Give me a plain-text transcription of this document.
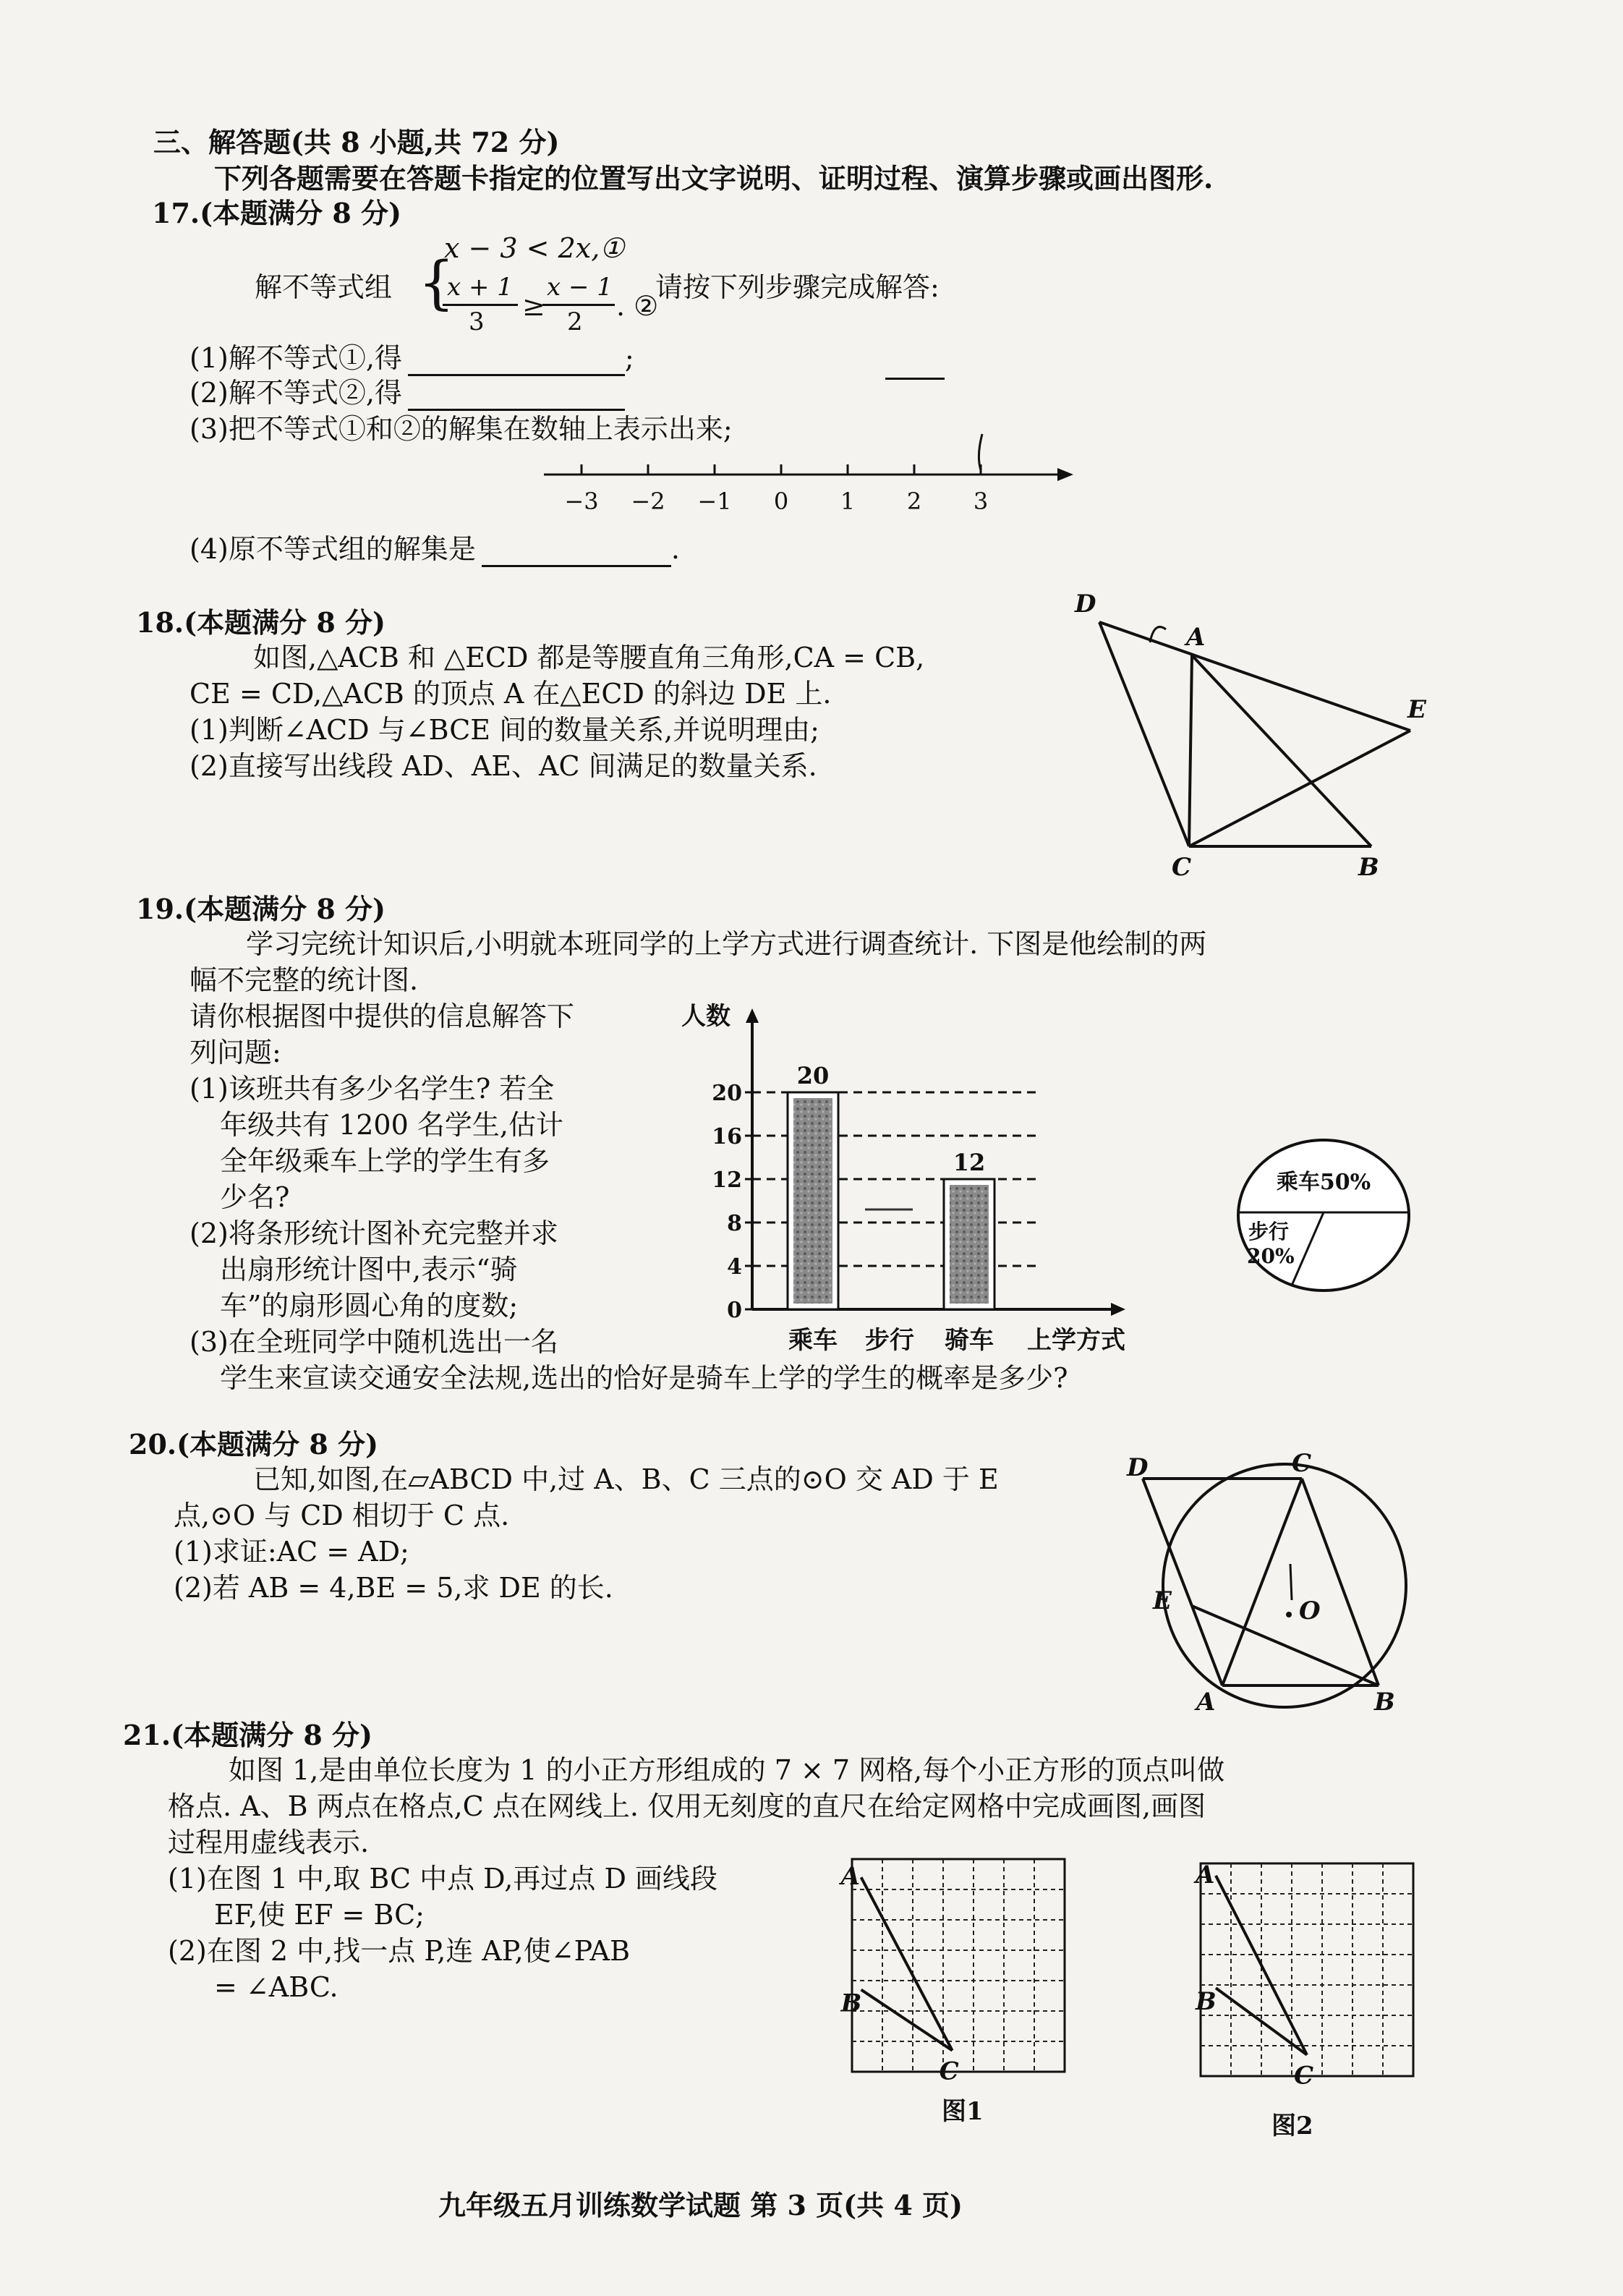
三、解答题(共 8 小题,共 72 分)
下列各题需要在答题卡指定的位置写出文字说明、证明过程、演算步骤或画出图形.
17.(本题满分 8 分)
解不等式组 {
x − 3 < 2x,①
x + 1
3 ≥
x − 1
2 . ②
请按下列步骤完成解答:
(1)解不等式①,得	;
(2)解不等式②,得
(3)把不等式①和②的解集在数轴上表示出来;
−3 −2 −1 0 1 2 3
(4)原不等式组的解集是	.
18.(本题满分 8 分)
如图,△ACB 和 △ECD 都是等腰直角三角形,CA = CB,
CE = CD,△ACB 的顶点 A 在△ECD 的斜边 DE 上.
(1)判断∠ACD 与∠BCE 间的数量关系,并说明理由;
(2)直接写出线段 AD、AE、AC 间满足的数量关系.
D
A
E
C	B
19.(本题满分 8 分)
学习完统计知识后,小明就本班同学的上学方式进行调查统计. 下图是他绘制的两
幅不完整的统计图.
请你根据图中提供的信息解答下
列问题:
(1)该班共有多少名学生? 若全
年级共有 1200 名学生,估计
全年级乘车上学的学生有多
少名?
(2)将条形统计图补充完整并求
出扇形统计图中,表示“骑
车”的扇形圆心角的度数;
(3)在全班同学中随机选出一名
学生来宣读交通安全法规,选出的恰好是骑车上学的学生的概率是多少?
人数
0
4
8
12
16
20
20
乘车 步行
12
骑车 上学方式
乘车50%
步行
20%
20.(本题满分 8 分)
已知,如图,在▱ABCD 中,过 A、B、C 三点的⊙O 交 AD 于 E
点,⊙O 与 CD 相切于 C 点.
(1)求证:AC = AD;
(2)若 AB = 4,BE = 5,求 DE 的长.
D	C
E	O
A	B
21.(本题满分 8 分)
如图 1,是由单位长度为 1 的小正方形组成的 7 × 7 网格,每个小正方形的顶点叫做
格点. A、B 两点在格点,C 点在网线上. 仅用无刻度的直尺在给定网格中完成画图,画图
过程用虚线表示.
(1)在图 1 中,取 BC 中点 D,再过点 D 画线段
EF,使 EF = BC;
(2)在图 2 中,找一点 P,连 AP,使∠PAB
= ∠ABC.
A
B
C
A
B
C
图1	图2
九年级五月训练数学试题 第 3 页(共 4 页)
